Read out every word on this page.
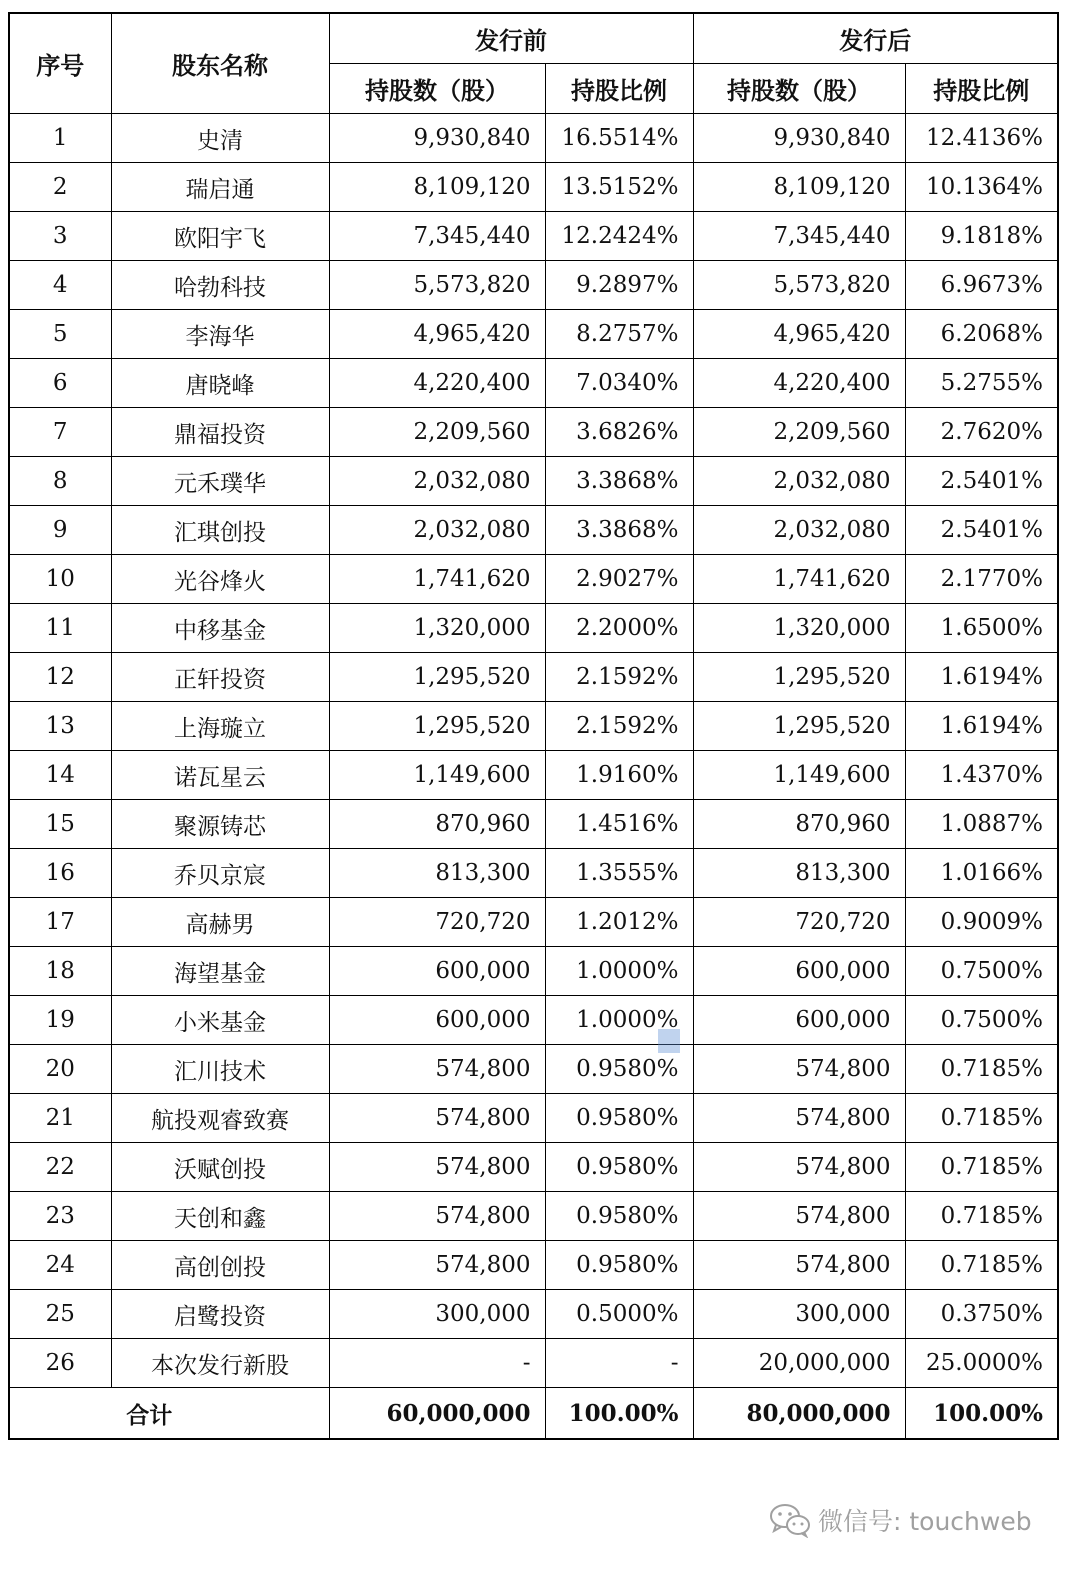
序号	股东名称	发行前		发行后	
		持股数（股）	持股比例	持股数（股）	持股比例
1	史清	9,930,840	16.5514%	9,930,840	12.4136%
2	瑞启通	8,109,120	13.5152%	8,109,120	10.1364%
3	欧阳宇飞	7,345,440	12.2424%	7,345,440	9.1818%
4	哈勃科技	5,573,820	9.2897%	5,573,820	6.9673%
5	李海华	4,965,420	8.2757%	4,965,420	6.2068%
6	唐晓峰	4,220,400	7.0340%	4,220,400	5.2755%
7	鼎福投资	2,209,560	3.6826%	2,209,560	2.7620%
8	元禾璞华	2,032,080	3.3868%	2,032,080	2.5401%
9	汇琪创投	2,032,080	3.3868%	2,032,080	2.5401%
10	光谷烽火	1,741,620	2.9027%	1,741,620	2.1770%
11	中移基金	1,320,000	2.2000%	1,320,000	1.6500%
12	正轩投资	1,295,520	2.1592%	1,295,520	1.6194%
13	上海璇立	1,295,520	2.1592%	1,295,520	1.6194%
14	诺瓦星云	1,149,600	1.9160%	1,149,600	1.4370%
15	聚源铸芯	870,960	1.4516%	870,960	1.0887%
16	乔贝京宸	813,300	1.3555%	813,300	1.0166%
17	高赫男	720,720	1.2012%	720,720	0.9009%
18	海望基金	600,000	1.0000%	600,000	0.7500%
19	小米基金	600,000	1.0000%	600,000	0.7500%
20	汇川技术	574,800	0.9580%	574,800	0.7185%
21	航投观睿致赛	574,800	0.9580%	574,800	0.7185%
22	沃赋创投	574,800	0.9580%	574,800	0.7185%
23	天创和鑫	574,800	0.9580%	574,800	0.7185%
24	高创创投	574,800	0.9580%	574,800	0.7185%
25	启鹭投资	300,000	0.5000%	300,000	0.3750%
26	本次发行新股	-	-	20,000,000	25.0000%
合计		60,000,000	100.00%	80,000,000	100.00%
微信号: touchweb
